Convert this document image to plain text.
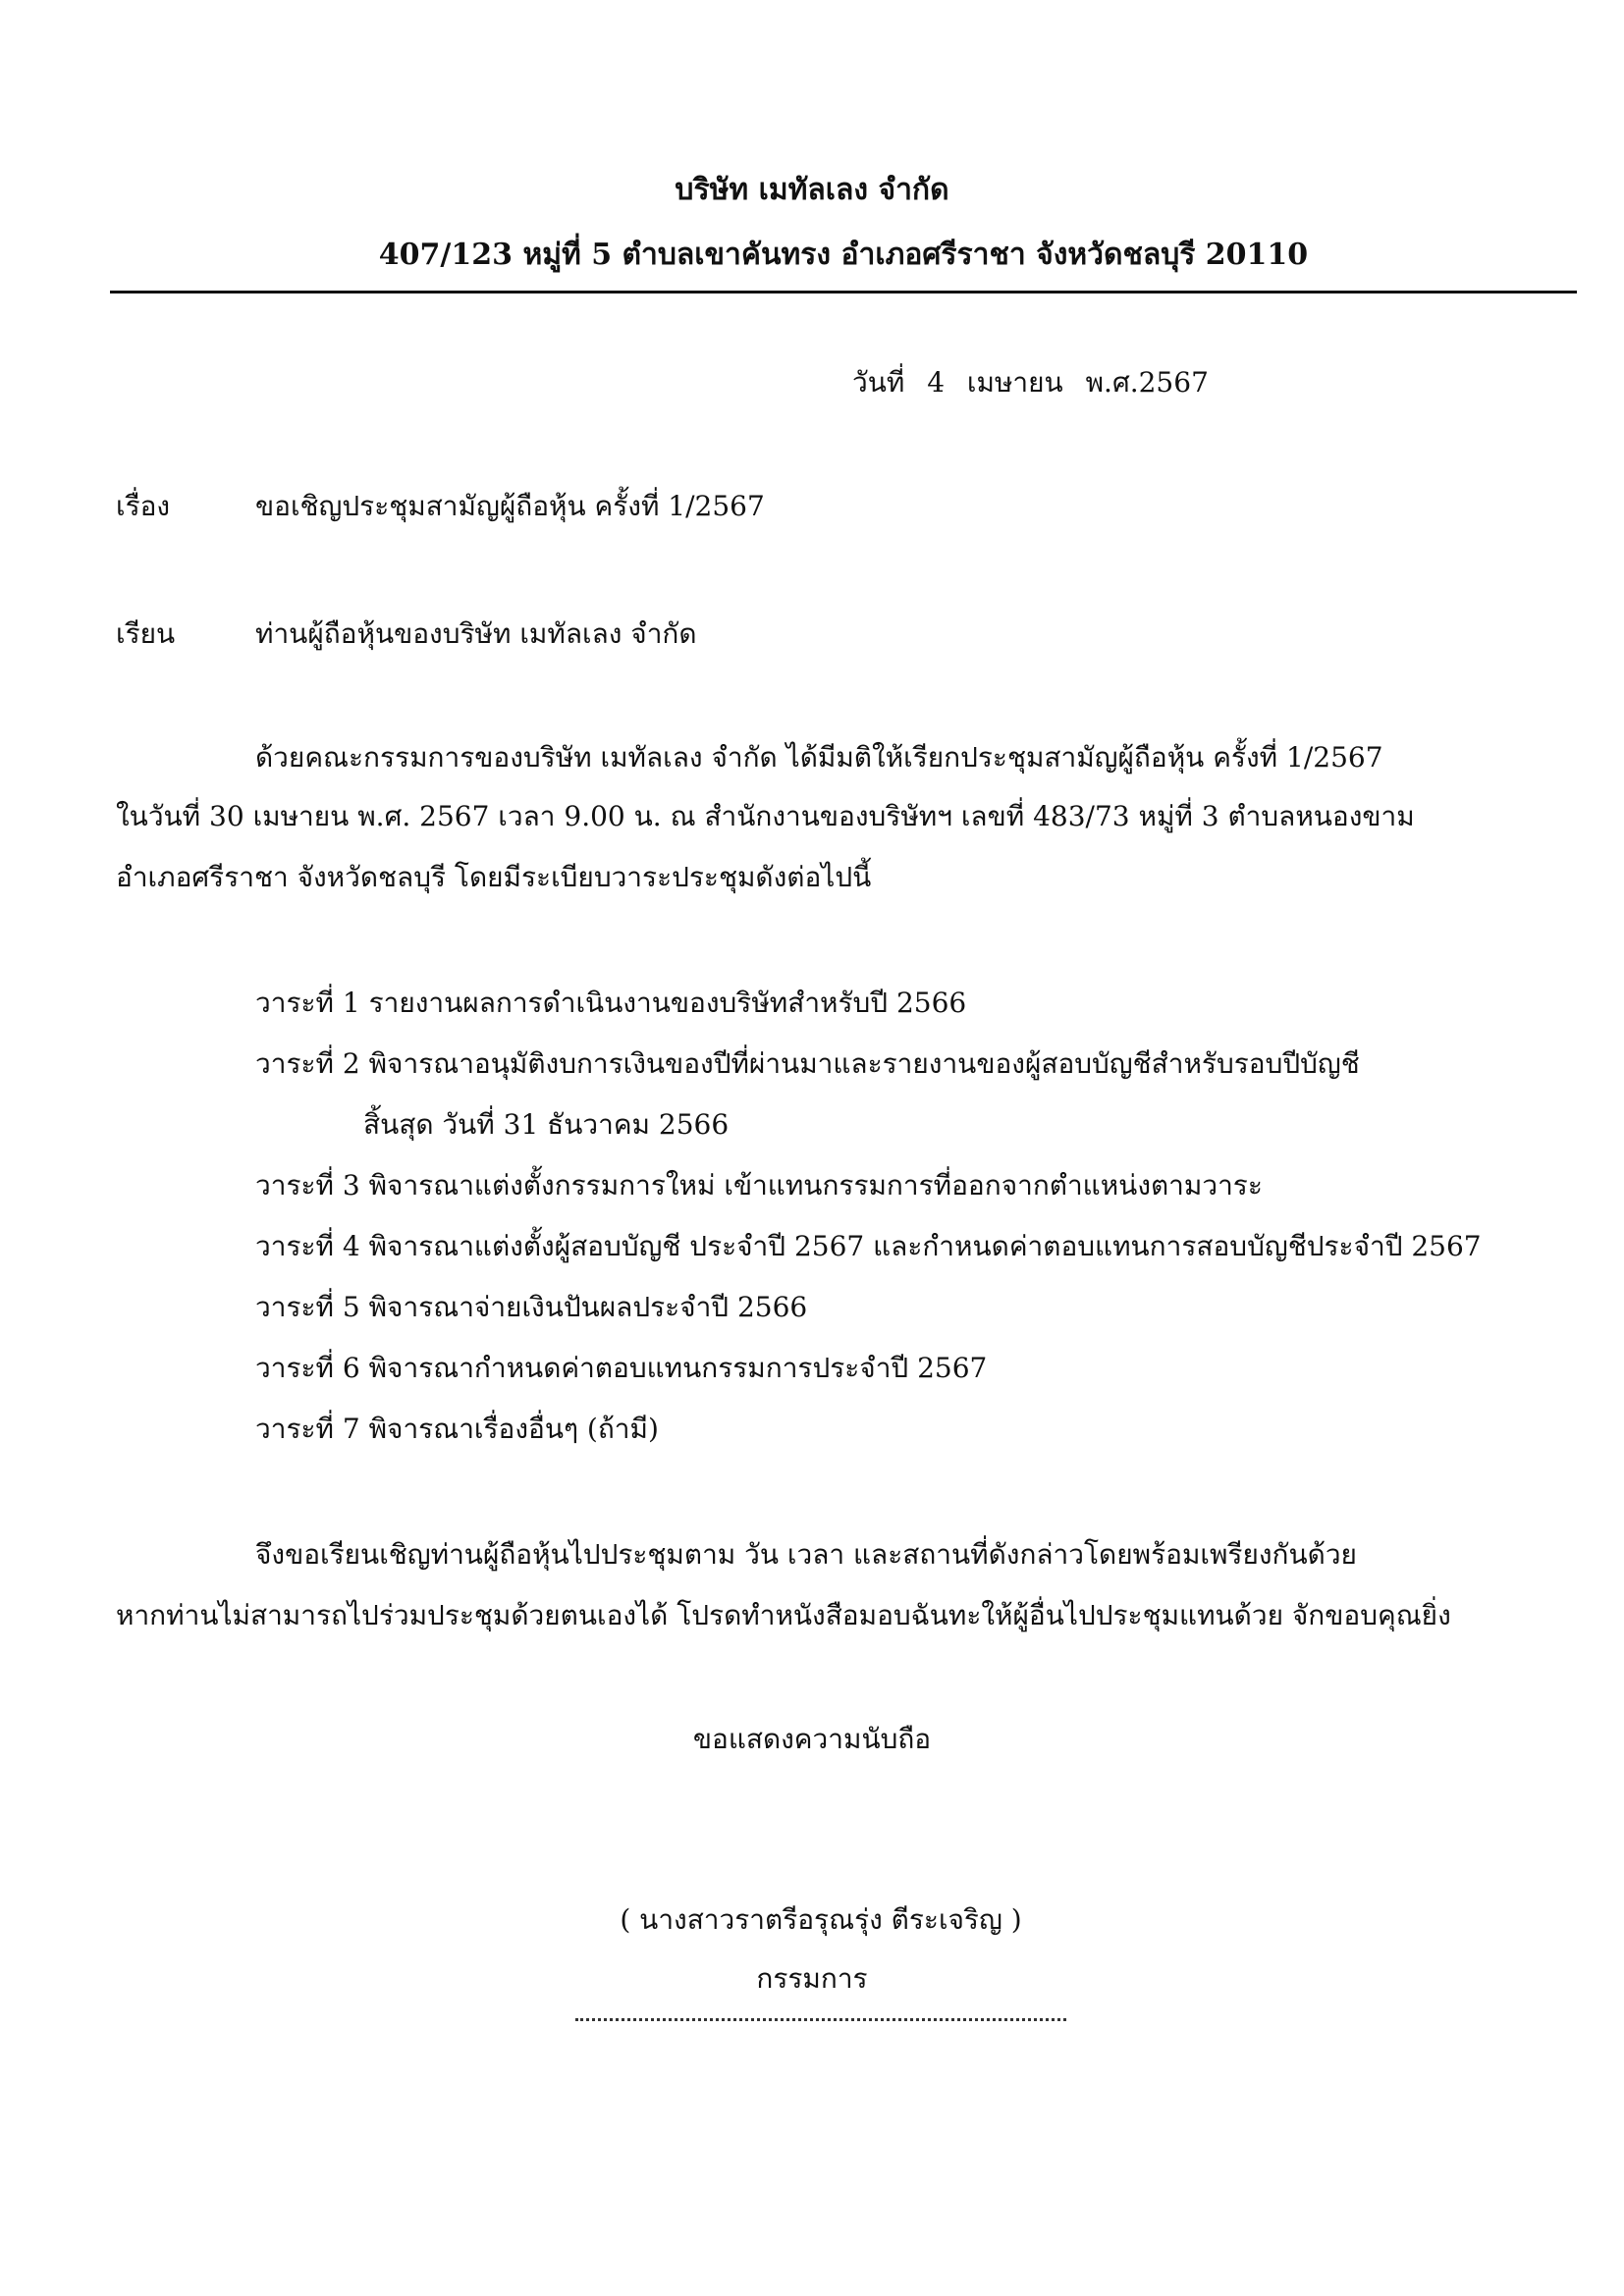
บริษัท เมทัลเลง จำกัด
407/123 หมู่ที่ 5 ตำบลเขาคันทรง อำเภอศรีราชา จังหวัดชลบุรี 20110
วันที่ 4 เมษายน พ.ศ.2567
เรื่อง	ขอเชิญประชุมสามัญผู้ถือหุ้น ครั้งที่ 1/2567
เรียน	ท่านผู้ถือหุ้นของบริษัท เมทัลเลง จำกัด
ด้วยคณะกรรมการของบริษัท เมทัลเลง จำกัด ได้มีมติให้เรียกประชุมสามัญผู้ถือหุ้น ครั้งที่ 1/2567
ในวันที่ 30 เมษายน พ.ศ. 2567 เวลา 9.00 น. ณ สำนักงานของบริษัทฯ เลขที่ 483/73 หมู่ที่ 3 ตำบลหนองขาม
อำเภอศรีราชา จังหวัดชลบุรี โดยมีระเบียบวาระประชุมดังต่อไปนี้
วาระที่ 1 รายงานผลการดำเนินงานของบริษัทสำหรับปี 2566
วาระที่ 2 พิจารณาอนุมัติงบการเงินของปีที่ผ่านมาและรายงานของผู้สอบบัญชีสำหรับรอบปีบัญชี
สิ้นสุด วันที่ 31 ธันวาคม 2566
วาระที่ 3 พิจารณาแต่งตั้งกรรมการใหม่ เข้าแทนกรรมการที่ออกจากตำแหน่งตามวาระ
วาระที่ 4 พิจารณาแต่งตั้งผู้สอบบัญชี ประจำปี 2567 และกำหนดค่าตอบแทนการสอบบัญชีประจำปี 2567
วาระที่ 5 พิจารณาจ่ายเงินปันผลประจำปี 2566
วาระที่ 6 พิจารณากำหนดค่าตอบแทนกรรมการประจำปี 2567
วาระที่ 7 พิจารณาเรื่องอื่นๆ (ถ้ามี)
จึงขอเรียนเชิญท่านผู้ถือหุ้นไปประชุมตาม วัน เวลา และสถานที่ดังกล่าวโดยพร้อมเพรียงกันด้วย
หากท่านไม่สามารถไปร่วมประชุมด้วยตนเองได้ โปรดทำหนังสือมอบฉันทะให้ผู้อื่นไปประชุมแทนด้วย จักขอบคุณยิ่ง
ขอแสดงความนับถือ
( นางสาวราตรีอรุณรุ่ง ตีระเจริญ )
กรรมการ
